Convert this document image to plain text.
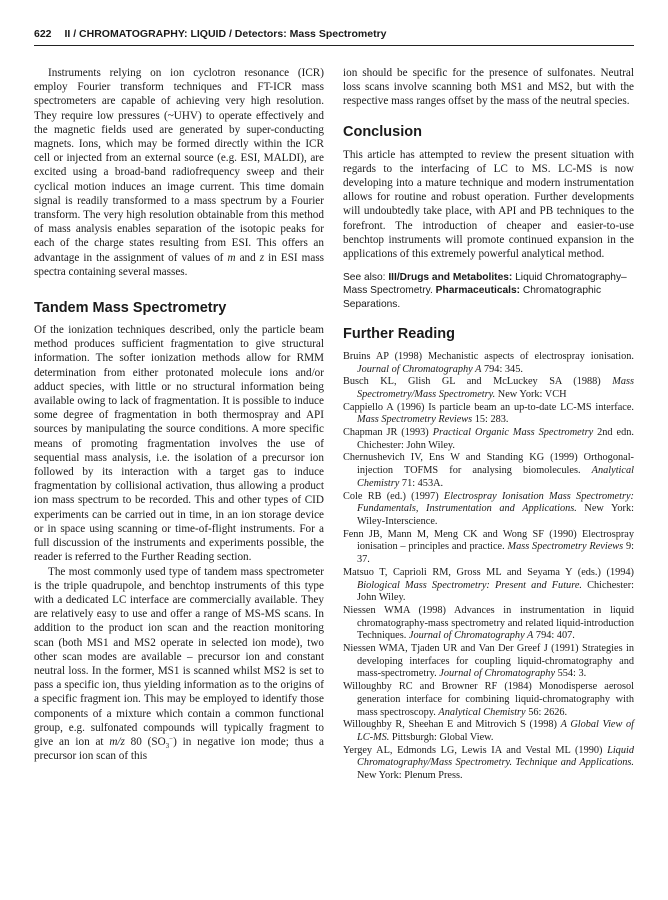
622 II / CHROMATOGRAPHY: LIQUID / Detectors: Mass Spectrometry

Instruments relying on ion cyclotron resonance (ICR) employ Fourier transform techniques and FT-ICR mass spectrometers are capable of achieving very high resolution. They require low pressures (~UHV) to operate effectively and the magnetic fields used are generated by super-conducting magnets. Ions, which may be formed directly within the ICR cell or injected from an external source (e.g. ESI, MALDI), are excited using a broad-band radiofrequency sweep and their cyclical motion induces an image current. This time domain signal is readily transformed to a mass spectrum by a Fourier transform. The very high resolution obtainable from this method of mass analysis enables separation of the isotopic peaks for each of the charge states resulting from ESI. This offers an advantage in the assignment of values of m and z in ESI mass spectra containing several masses.

Tandem Mass Spectrometry

Of the ionization techniques described, only the particle beam method produces sufficient fragmentation to give structural information. The softer ionization methods allow for RMM determination from either protonated molecule ions and/or adduct species, with little or no structural information being available owing to lack of fragmentation. It is possible to induce some degree of fragmentation in both thermospray and API sources by manipulating the source conditions. A more specific means of promoting fragmentation involves the use of sequential mass analysis, i.e. the isolation of a precursor ion followed by its interaction with a target gas to induce fragmentation by collisional activation, thus allowing a product ion mass spectrum to be recorded. This and other types of CID experiments can be carried out in time, in an ion storage device or in space using scanning or time-of-flight instruments. For a full discussion of the instruments and experiments possible, the reader is referred to the Further Reading section.

The most commonly used type of tandem mass spectrometer is the triple quadrupole, and benchtop instruments of this type with a dedicated LC interface are commercially available. They are relatively easy to use and offer a range of MS-MS scans. In addition to the product ion scan and the reaction monitoring scan (both MS1 and MS2 operate in selected ion mode), two other scan modes are available – precursor ion and constant neutral loss. In the former, MS1 is scanned whilst MS2 is set to pass a specific ion, thus yielding information as to the origins of a specific fragment ion. This may be employed to identify those components of a mixture which contain a common functional group, e.g. sulfonated compounds will typically fragment to give an ion at m/z 80 $(SO_3^-)$ in negative ion mode; thus a precursor ion scan of this

ion should be specific for the presence of sulfonates. Neutral loss scans involve scanning both MS1 and MS2, but with the respective mass ranges offset by the mass of the neutral species.

Conclusion

This article has attempted to review the present situation with regards to the interfacing of LC to MS. LC-MS is now developing into a mature technique and modern instrumentation allows for routine and robust operation. Further developments will undoubtedly take place, with API and PB techniques to the forefront. The introduction of cheaper and easier-to-use benchtop instruments will promote continued expansion in the applications of this extremely powerful analytical method.

See also: III/Drugs and Metabolites: Liquid Chromatography–Mass Spectrometry. Pharmaceuticals: Chromatographic Separations.

Further Reading

Bruins AP (1998) Mechanistic aspects of electrospray ionisation. Journal of Chromatography A 794: 345.

Busch KL, Glish GL and McLuckey SA (1988) Mass Spectrometry/Mass Spectrometry. New York: VCH

Cappiello A (1996) Is particle beam an up-to-date LC-MS interface. Mass Spectrometry Reviews 15: 283.

Chapman JR (1993) Practical Organic Mass Spectrometry 2nd edn. Chichester: John Wiley.

Chernushevich IV, Ens W and Standing KG (1999) Orthogonal-injection TOFMS for analysing biomolecules. Analytical Chemistry 71: 453A.

Cole RB (ed.) (1997) Electrospray Ionisation Mass Spectrometry: Fundamentals, Instrumentation and Applications. New York: Wiley-Interscience.

Fenn JB, Mann M, Meng CK and Wong SF (1990) Electrospray ionisation – principles and practice. Mass Spectrometry Reviews 9: 37.

Matsuo T, Caprioli RM, Gross ML and Seyama Y (eds.) (1994) Biological Mass Spectrometry: Present and Future. Chichester: John Wiley.

Niessen WMA (1998) Advances in instrumentation in liquid chromatography-mass spectrometry and related liquid-introduction Techniques. Journal of Chromatography A 794: 407.

Niessen WMA, Tjaden UR and Van Der Greef J (1991) Strategies in developing interfaces for coupling liquid-chromatography and mass-spectrometry. Journal of Chromatography 554: 3.

Willoughby RC and Browner RF (1984) Monodisperse aerosol generation interface for combining liquid-chromatography with mass spectroscopy. Analytical Chemistry 56: 2626.

Willoughby R, Sheehan E and Mitrovich S (1998) A Global View of LC-MS. Pittsburgh: Global View.

Yergey AL, Edmonds LG, Lewis IA and Vestal ML (1990) Liquid Chromatography/Mass Spectrometry. Technique and Applications. New York: Plenum Press.
